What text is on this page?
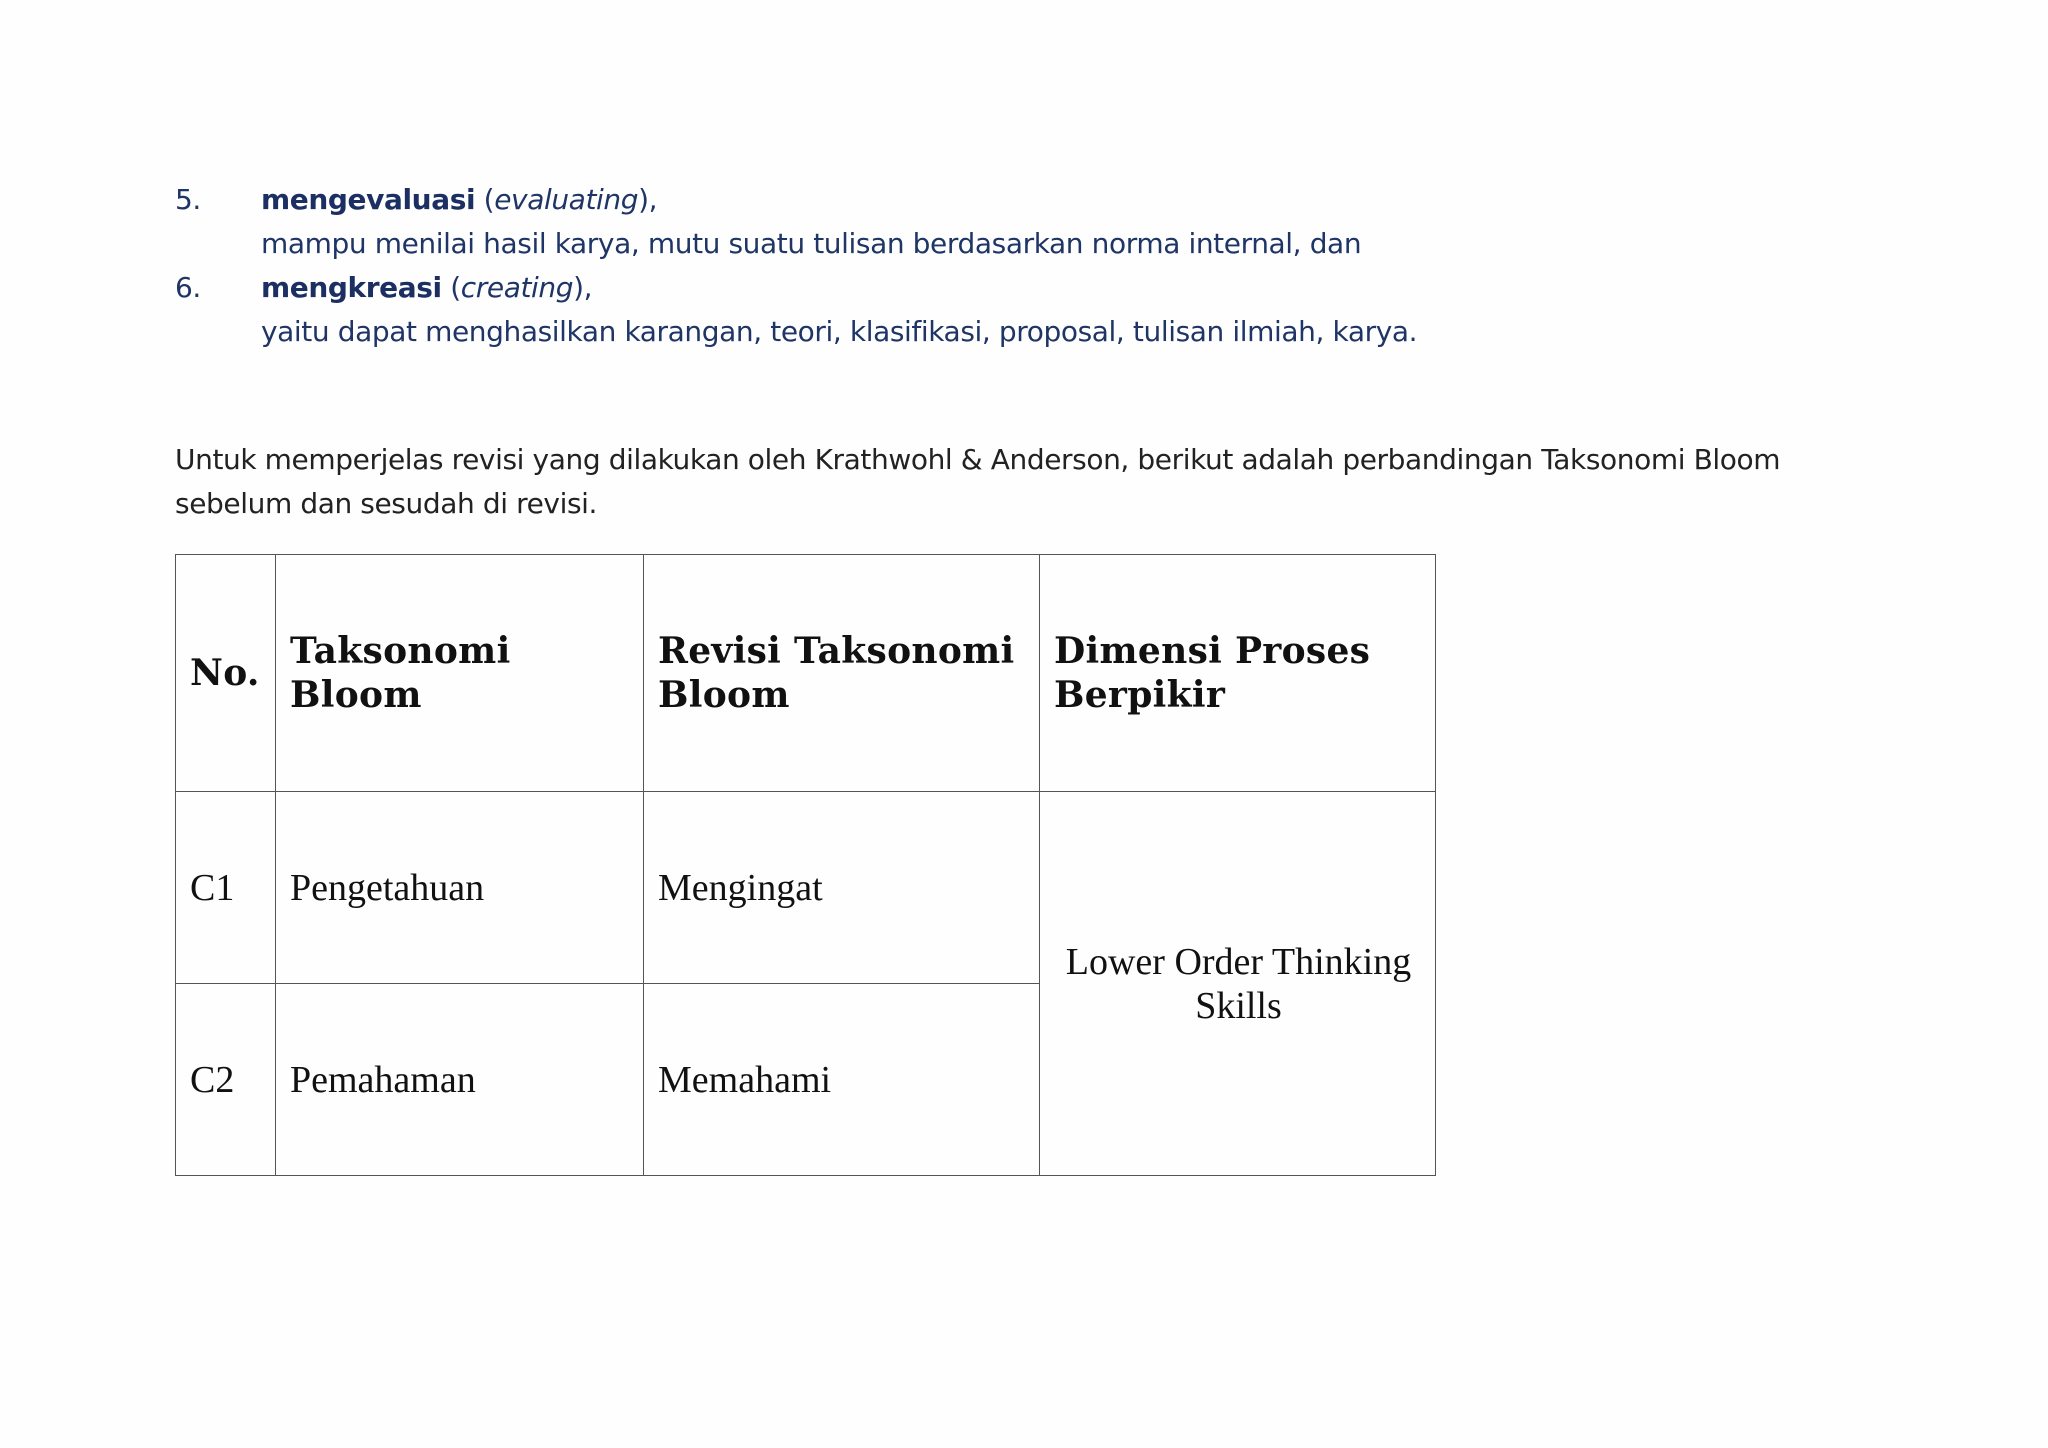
5. mengevaluasi (evaluating),
mampu menilai hasil karya, mutu suatu tulisan berdasarkan norma internal, dan
6. mengkreasi (creating),
yaitu dapat menghasilkan karangan, teori, klasifikasi, proposal, tulisan ilmiah, karya.

Untuk memperjelas revisi yang dilakukan oleh Krathwohl & Anderson, berikut adalah perbandingan Taksonomi Bloom sebelum dan sesudah di revisi.

No.	Taksonomi Bloom	Revisi Taksonomi Bloom	Dimensi Proses Berpikir
C1	Pengetahuan	Mengingat	Lower Order Thinking Skills
C2	Pemahaman	Memahami	
